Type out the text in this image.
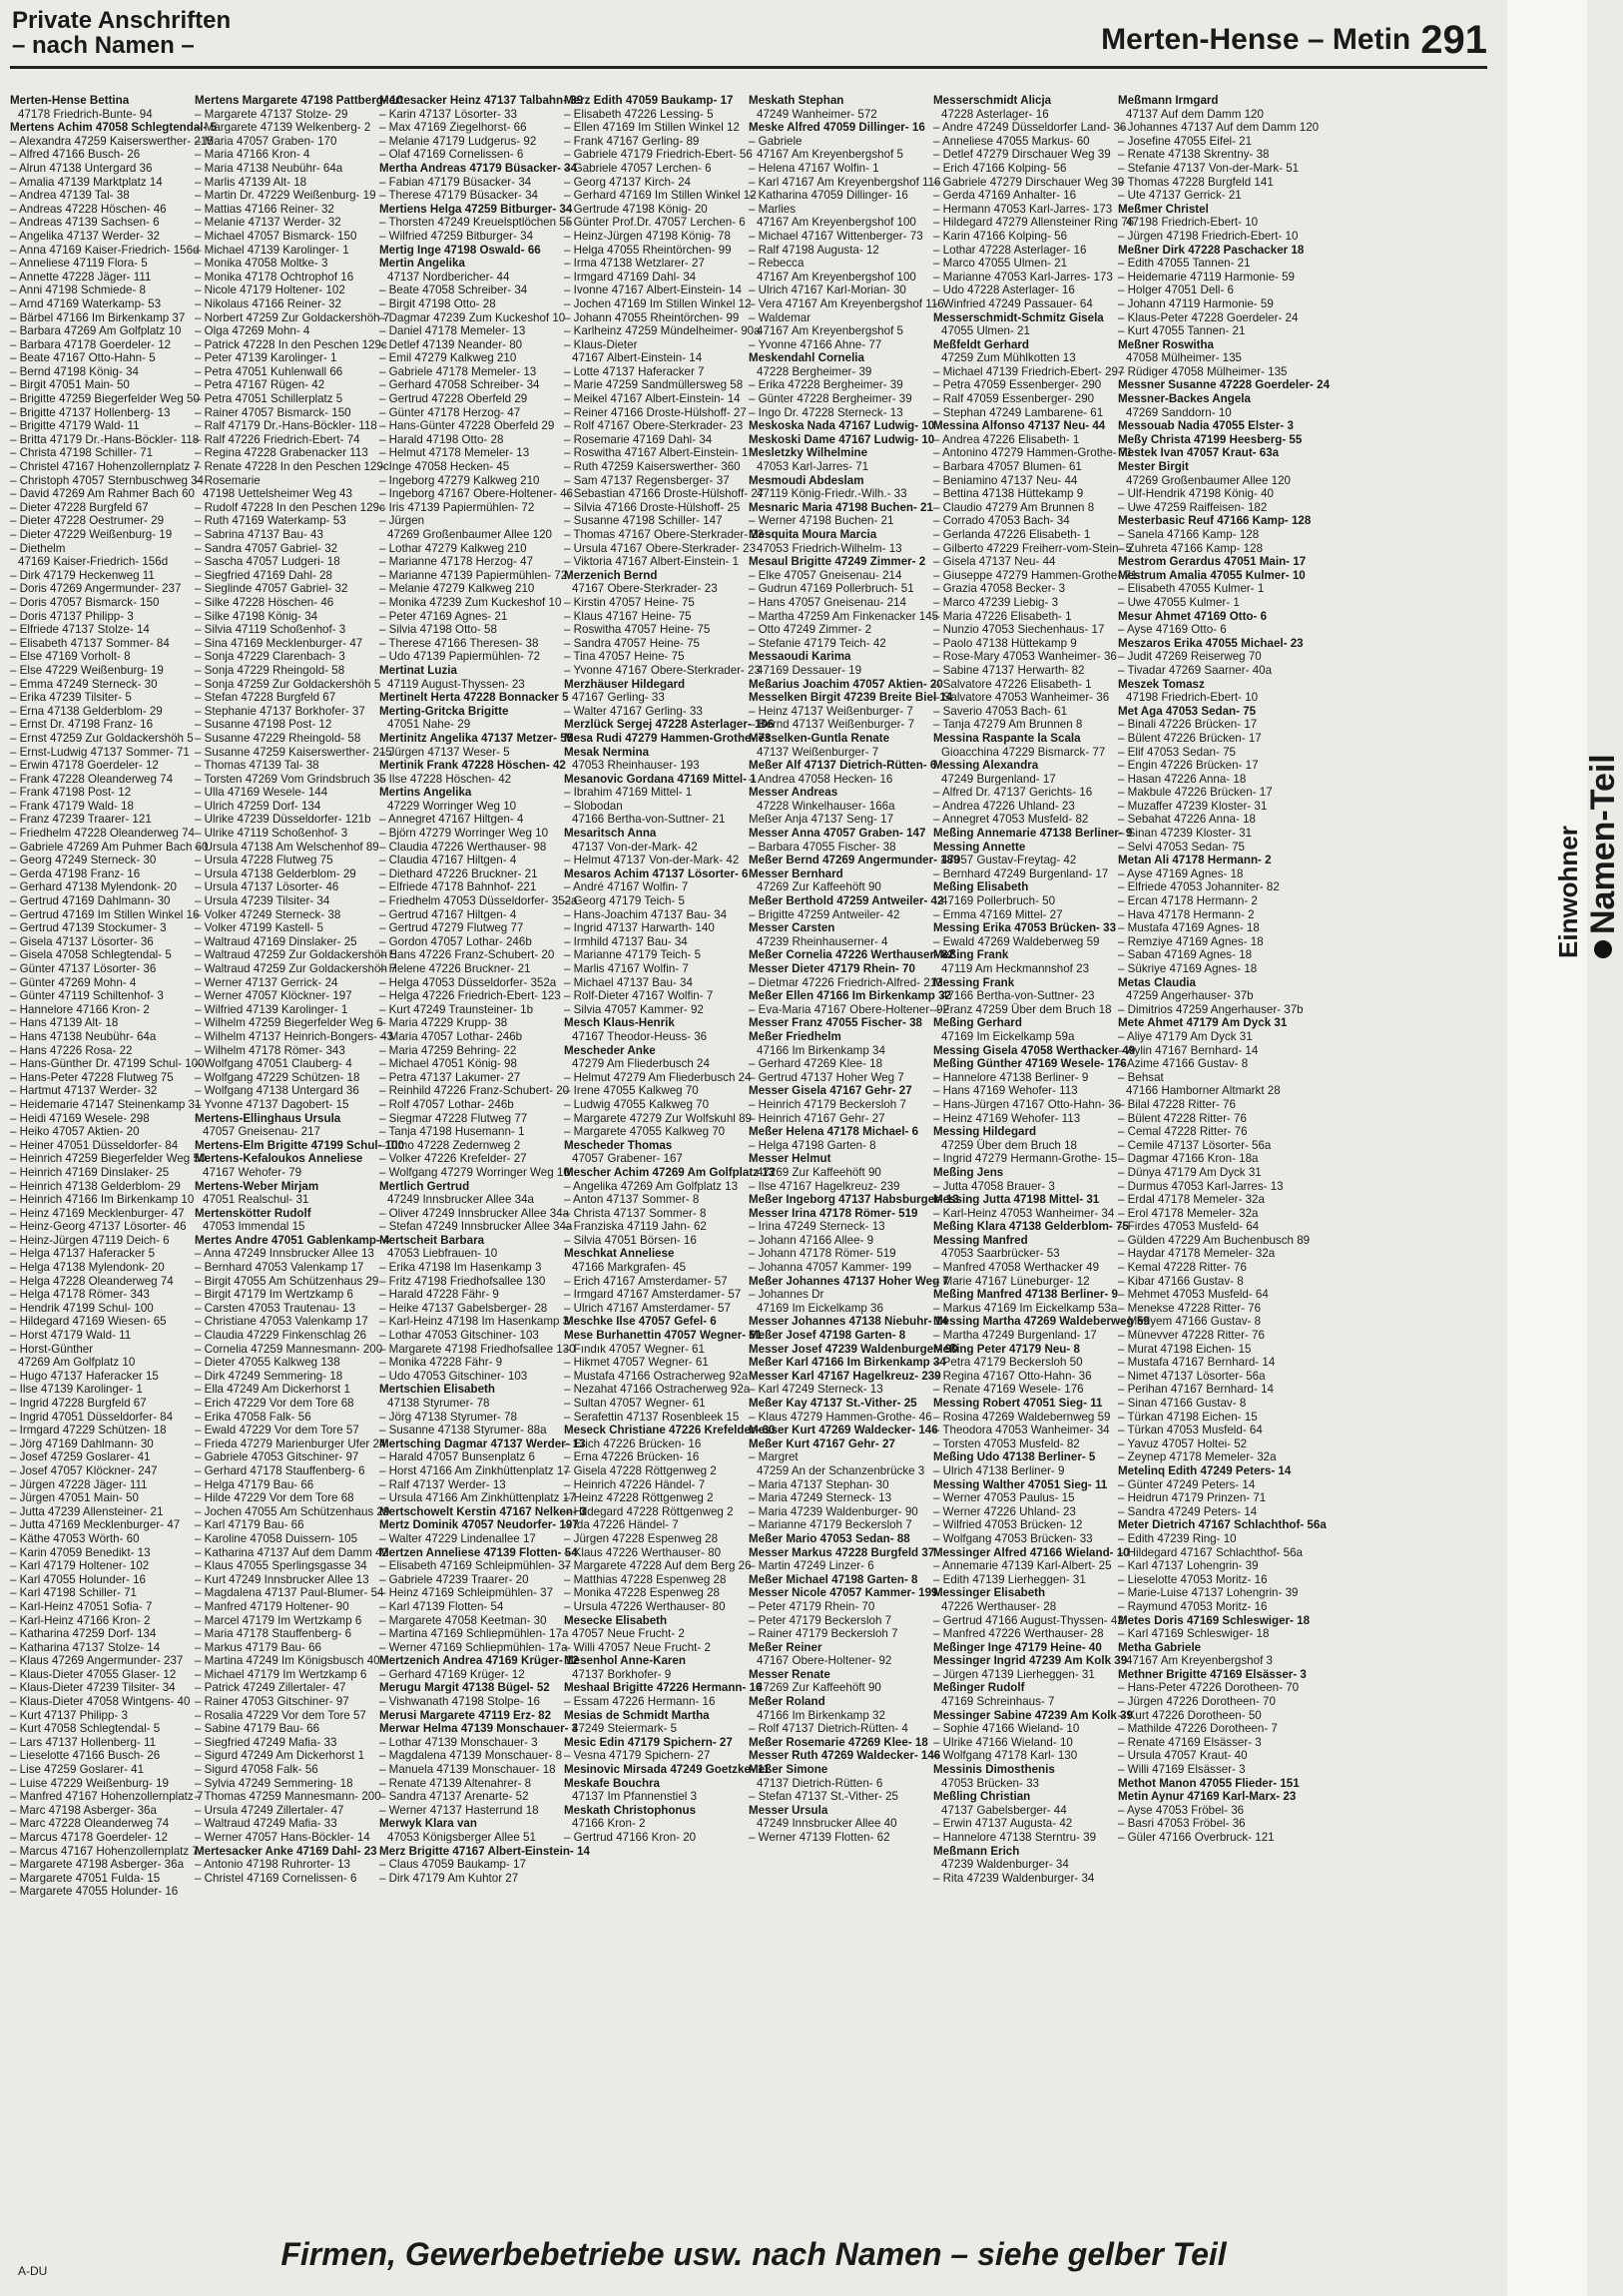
Private Anschriften
– nach Namen –	Merten-Hense – Metin 291
Merten-Hense Bettina
47178 Friedrich-Bunte- 94
Mertens Achim 47058 Schlegtendal- 5
– Alexandra 47259 Kaiserswerther- 215
– Alfred 47166 Busch- 26
– Alrun 47138 Untergard 36
– Amalia 47139 Marktplatz 14
– Andrea 47139 Tal- 38
– Andreas 47228 Höschen- 46
– Andreas 47139 Sachsen- 6
– Angelika 47137 Werder- 32
– Anna 47169 Kaiser-Friedrich- 156d
– Anneliese 47119 Flora- 5
– Annette 47228 Jäger- 111
– Anni 47198 Schmiede- 8
– Arnd 47169 Waterkamp- 53
– Bärbel 47166 Im Birkenkamp 37
– Barbara 47269 Am Golfplatz 10
– Barbara 47178 Goerdeler- 12
– Beate 47167 Otto-Hahn- 5
– Bernd 47198 König- 34
– Birgit 47051 Main- 50
– Brigitte 47259 Biegerfelder Weg 50
– Brigitte 47137 Hollenberg- 13
– Brigitte 47179 Wald- 11
– Britta 47179 Dr.-Hans-Böckler- 118
– Christa 47198 Schiller- 71
– Christel 47167 Hohenzollernplatz 7
– Christoph 47057 Sternbuschweg 34
– David 47269 Am Rahmer Bach 60
– Dieter 47228 Burgfeld 67
– Dieter 47228 Oestrumer- 29
– Dieter 47229 Weißenburg- 19
– Diethelm
47169 Kaiser-Friedrich- 156d
– Dirk 47179 Heckenweg 11
– Doris 47269 Angermunder- 237
– Doris 47057 Bismarck- 150
– Doris 47137 Philipp- 3
– Elfriede 47137 Stolze- 14
– Elisabeth 47137 Sommer- 84
– Else 47169 Vorholt- 8
– Else 47229 Weißenburg- 19
– Emma 47249 Sterneck- 30
– Erika 47239 Tilsiter- 5
– Erna 47138 Gelderblom- 29
– Ernst Dr. 47198 Franz- 16
– Ernst 47259 Zur Goldackershöh 5
– Ernst-Ludwig 47137 Sommer- 71
– Erwin 47178 Goerdeler- 12
– Frank 47228 Oleanderweg 74
– Frank 47198 Post- 12
– Frank 47179 Wald- 18
– Franz 47239 Traarer- 121
– Friedhelm 47228 Oleanderweg 74
– Gabriele 47269 Am Puhmer Bach 60
– Georg 47249 Sterneck- 30
– Gerda 47198 Franz- 16
– Gerhard 47138 Mylendonk- 20
– Gertrud 47169 Dahlmann- 30
– Gertrud 47169 Im Stillen Winkel 16
– Gertrud 47139 Stockumer- 3
– Gisela 47137 Lösorter- 36
– Gisela 47058 Schlegtendal- 5
– Günter 47137 Lösorter- 36
– Günter 47269 Mohn- 4
– Günter 47119 Schiltenhof- 3
– Hannelore 47166 Kron- 2
– Hans 47139 Alt- 18
– Hans 47138 Neubühr- 64a
– Hans 47226 Rosa- 22
– Hans-Günther Dr. 47199 Schul- 100
– Hans-Peter 47228 Flutweg 75
– Hartmut 47137 Werder- 32
– Heidemarie 47147 Steinenkamp 31
– Heidi 47169 Wesele- 298
– Heiko 47057 Aktien- 20
– Heiner 47051 Düsseldorfer- 84
– Heinrich 47259 Biegerfelder Weg 50
– Heinrich 47169 Dinslaker- 25
– Heinrich 47138 Gelderblom- 29
– Heinrich 47166 Im Birkenkamp 10
– Heinz 47169 Mecklenburger- 47
– Heinz-Georg 47137 Lösorter- 46
– Heinz-Jürgen 47119 Deich- 6
– Helga 47137 Haferacker 5
– Helga 47138 Mylendonk- 20
– Helga 47228 Oleanderweg 74
– Helga 47178 Römer- 343
– Hendrik 47199 Schul- 100
– Hildegard 47169 Wiesen- 65
– Horst 47179 Wald- 11
– Horst-Günther
47269 Am Golfplatz 10
– Hugo 47137 Haferacker 15
– Ilse 47139 Karolinger- 1
– Ingrid 47228 Burgfeld 67
– Ingrid 47051 Düsseldorfer- 84
– Irmgard 47229 Schützen- 18
– Jörg 47169 Dahlmann- 30
– Josef 47259 Goslarer- 41
– Josef 47057 Klöckner- 247
– Jürgen 47228 Jäger- 111
– Jürgen 47051 Main- 50
– Jutta 47239 Allensteiner- 21
– Jutta 47169 Mecklenburger- 47
– Käthe 47053 Wörth- 60
– Karin 47059 Benedikt- 13
– Karl 47179 Holtener- 102
– Karl 47055 Holunder- 16
– Karl 47198 Schiller- 71
– Karl-Heinz 47051 Sofia- 7
– Karl-Heinz 47166 Kron- 2
– Katharina 47259 Dorf- 134
– Katharina 47137 Stolze- 14
– Klaus 47269 Angermunder- 237
– Klaus-Dieter 47055 Glaser- 12
– Klaus-Dieter 47239 Tilsiter- 34
– Klaus-Dieter 47058 Wintgens- 40
– Kurt 47137 Philipp- 3
– Kurt 47058 Schlegtendal- 5
– Lars 47137 Hollenberg- 11
– Lieselotte 47166 Busch- 26
– Lise 47259 Goslarer- 41
– Luise 47229 Weißenburg- 19
– Manfred 47167 Hohenzollernplatz 7
– Marc 47198 Asberger- 36a
– Marc 47228 Oleanderweg 74
– Marcus 47178 Goerdeler- 12
– Marcus 47167 Hohenzollernplatz 7
– Margarete 47198 Asberger- 36a
– Margarete 47051 Fulda- 15
– Margarete 47055 Holunder- 16
Mertens Margarete 47198 Pattberg- 10
– Margarete 47137 Stolze- 29
– Margarete 47139 Welkenberg- 2
– Maria 47057 Graben- 170
– Maria 47166 Kron- 4
– Maria 47138 Neubühr- 64a
– Marlis 47139 Alt- 18
– Martin Dr. 47229 Weißenburg- 19
– Mattias 47166 Reiner- 32
– Melanie 47137 Werder- 32
– Michael 47057 Bismarck- 150
– Michael 47139 Karolinger- 1
– Monika 47058 Moltke- 3
– Monika 47178 Ochtrophof 16
– Nicole 47179 Holtener- 102
– Nikolaus 47166 Reiner- 32
– Norbert 47259 Zur Goldackershöh 7
– Olga 47269 Mohn- 4
– Patrick 47228 In den Peschen 129c
– Peter 47139 Karolinger- 1
– Petra 47051 Kuhlenwall 66
– Petra 47167 Rügen- 42
– Petra 47051 Schillerplatz 5
– Rainer 47057 Bismarck- 150
– Ralf 47179 Dr.-Hans-Böckler- 118
– Ralf 47226 Friedrich-Ebert- 74
– Regina 47228 Grabenacker 113
– Renate 47228 In den Peschen 129c
– Rosemarie
47198 Uettelsheimer Weg 43
– Rudolf 47228 In den Peschen 129c
– Ruth 47169 Waterkamp- 53
– Sabrina 47137 Bau- 43
– Sandra 47057 Gabriel- 32
– Sascha 47057 Ludgeri- 18
– Siegfried 47169 Dahl- 28
– Sieglinde 47057 Gabriel- 32
– Silke 47228 Höschen- 46
– Silke 47198 König- 34
– Silvia 47119 Schoßenhof- 3
– Sina 47169 Mecklenburger- 47
– Sonja 47229 Clarenbach- 3
– Sonja 47229 Rheingold- 58
– Sonja 47259 Zur Goldackershöh 5
– Stefan 47228 Burgfeld 67
– Stephanie 47137 Borkhofer- 37
– Susanne 47198 Post- 12
– Susanne 47229 Rheingold- 58
– Susanne 47259 Kaiserswerther- 215
– Thomas 47139 Tal- 38
– Torsten 47269 Vom Grindsbruch 35
– Ulla 47169 Wesele- 144
– Ulrich 47259 Dorf- 134
– Ulrike 47239 Düsseldorfer- 121b
– Ulrike 47119 Schoßenhof- 3
– Ursula 47138 Am Welschenhof 89
– Ursula 47228 Flutweg 75
– Ursula 47138 Gelderblom- 29
– Ursula 47137 Lösorter- 46
– Ursula 47239 Tilsiter- 34
– Volker 47249 Sterneck- 38
– Volker 47199 Kastell- 5
– Waltraud 47169 Dinslaker- 25
– Waltraud 47259 Zur Goldackershöh 5
– Waltraud 47259 Zur Goldackershöh 7
– Werner 47137 Gerrick- 24
– Werner 47057 Klöckner- 197
– Wilfried 47139 Karolinger- 1
– Wilhelm 47259 Biegerfelder Weg 6
– Wilhelm 47137 Heinrich-Bongers- 43
– Wilhelm 47178 Römer- 343
– Wolfgang 47051 Clauberg- 4
– Wolfgang 47229 Schützen- 18
– Wolfgang 47138 Untergard 36
– Yvonne 47137 Dagobert- 15
Mertens-Ellinghaus Ursula
47057 Gneisenau- 217
Mertens-Elm Brigitte 47199 Schul- 100
Mertens-Kefaloukos Anneliese
47167 Wehofer- 79
Mertens-Weber Mirjam
47051 Realschul- 31
Mertenskötter Rudolf
47053 Immendal 15
Mertes Andre 47051 Gablenkamp- 4
– Anna 47249 Innsbrucker Allee 13
– Bernhard 47053 Valenkamp 17
– Birgit 47055 Am Schützenhaus 29
– Birgit 47179 Im Wertzkamp 6
– Carsten 47053 Trautenau- 13
– Christiane 47053 Valenkamp 17
– Claudia 47229 Finkenschlag 26
– Cornelia 47259 Mannesmann- 200
– Dieter 47055 Kalkweg 138
– Dirk 47249 Semmering- 18
– Ella 47249 Am Dickerhorst 1
– Erich 47229 Vor dem Tore 68
– Erika 47058 Falk- 56
– Ewald 47229 Vor dem Tore 57
– Frieda 47279 Marienburger Ufer 24
– Gabriele 47053 Gitschiner- 97
– Gerhard 47178 Stauffenberg- 6
– Helga 47179 Bau- 66
– Hilde 47229 Vor dem Tore 68
– Jochen 47055 Am Schützenhaus 29
– Karl 47179 Bau- 66
– Karoline 47058 Duissern- 105
– Katharina 47137 Auf dem Damm 42
– Klaus 47055 Sperlingsgasse 34
– Kurt 47249 Innsbrucker Allee 13
– Magdalena 47137 Paul-Blumer- 54
– Manfred 47179 Holtener- 90
– Marcel 47179 Im Wertzkamp 6
– Maria 47178 Stauffenberg- 6
– Markus 47179 Bau- 66
– Martina 47249 Im Königsbusch 40
– Michael 47179 Im Wertzkamp 6
– Patrick 47249 Zillertaler- 47
– Rainer 47053 Gitschiner- 97
– Rosalia 47229 Vor dem Tore 57
– Sabine 47179 Bau- 66
– Siegfried 47249 Mafia- 33
– Sigurd 47249 Am Dickerhorst 1
– Sigurd 47058 Falk- 56
– Sylvia 47249 Semmering- 18
– Thomas 47259 Mannesmann- 200
– Ursula 47249 Zillertaler- 47
– Waltraud 47249 Mafia- 33
– Werner 47057 Hans-Böckler- 14
Mertesacker Anke 47169 Dahl- 23
– Antonio 47198 Ruhrorter- 13
– Christel 47169 Cornelissen- 6
Mertesacker Heinz 47137 Talbahn- 39
– Karin 47137 Lösorter- 33
– Max 47169 Ziegelhorst- 66
– Melanie 47179 Ludgerus- 92
– Olaf 47169 Cornelissen- 6
Mertha Andreas 47179 Büsacker- 34
– Fabian 47179 Büsacker- 34
– Therese 47179 Büsacker- 34
Mertiens Helga 47259 Bitburger- 34
– Thorsten 47249 Kreuelsptlöchen 55
– Wilfried 47259 Bitburger- 34
Mertig Inge 47198 Oswald- 66
Mertin Angelika
47137 Nordbericher- 44
– Beate 47058 Schreiber- 34
– Birgit 47198 Otto- 28
– Dagmar 47239 Zum Kuckeshof 10
– Daniel 47178 Memeler- 13
– Detlef 47139 Neander- 80
– Emil 47279 Kalkweg 210
– Gabriele 47178 Memeler- 13
– Gerhard 47058 Schreiber- 34
– Gertrud 47228 Oberfeld 29
– Günter 47178 Herzog- 47
– Hans-Günter 47228 Oberfeld 29
– Harald 47198 Otto- 28
– Helmut 47178 Memeler- 13
– Inge 47058 Hecken- 45
– Ingeborg 47279 Kalkweg 210
– Ingeborg 47167 Obere-Holtener- 46
– Iris 47139 Papiermühlen- 72
– Jürgen
47269 Großenbaumer Allee 120
– Lothar 47279 Kalkweg 210
– Marianne 47178 Herzog- 47
– Marianne 47139 Papiermühlen- 72
– Melanie 47279 Kalkweg 210
– Monika 47239 Zum Kuckeshof 10
– Peter 47169 Agnes- 21
– Silvia 47198 Otto- 58
– Therese 47166 Theresen- 38
– Udo 47139 Papiermühlen- 72
Mertinat Luzia
47119 August-Thyssen- 23
Mertinelt Herta 47228 Bonnacker 5
Merting-Gritcka Brigitte
47051 Nahe- 29
Mertinitz Angelika 47137 Metzer- 55
– Jürgen 47137 Weser- 5
Mertinik Frank 47228 Höschen- 42
– Ilse 47228 Höschen- 42
Mertins Angelika
47229 Worringer Weg 10
– Annegret 47167 Hiltgen- 4
– Björn 47279 Worringer Weg 10
– Claudia 47226 Werthauser- 98
– Claudia 47167 Hiltgen- 4
– Diethard 47226 Bruckner- 21
– Elfriede 47178 Bahnhof- 221
– Friedhelm 47053 Düsseldorfer- 352a
– Gertrud 47167 Hiltgen- 4
– Gertrud 47279 Flutweg 77
– Gordon 47057 Lothar- 246b
– Hans 47226 Franz-Schubert- 20
– Helene 47226 Bruckner- 21
– Helga 47053 Düsseldorfer- 352a
– Helga 47226 Friedrich-Ebert- 123
– Kurt 47249 Traunsteiner- 1b
– Maria 47229 Krupp- 38
– Maria 47057 Lothar- 246b
– Maria 47259 Behring- 22
– Michael 47051 König- 98
– Petra 47137 Lakumer- 27
– Reinhild 47226 Franz-Schubert- 20
– Rolf 47057 Lothar- 246b
– Siegmar 47228 Flutweg 77
– Tanja 47198 Husemann- 1
– Timo 47228 Zedernweg 2
– Volker 47226 Krefelder- 27
– Wolfgang 47279 Worringer Weg 10
Mertlich Gertrud
47249 Innsbrucker Allee 34a
– Oliver 47249 Innsbrucker Allee 34a
– Stefan 47249 Innsbrucker Allee 34a
Mertscheit Barbara
47053 Liebfrauen- 10
– Erika 47198 Im Hasenkamp 3
– Fritz 47198 Friedhofsallee 130
– Harald 47228 Fähr- 9
– Heike 47137 Gabelsberger- 28
– Karl-Heinz 47198 Im Hasenkamp 3
– Lothar 47053 Gitschiner- 103
– Margarete 47198 Friedhofsallee 130
– Monika 47228 Fähr- 9
– Udo 47053 Gitschiner- 103
Mertschien Elisabeth
47138 Styrumer- 78
– Jörg 47138 Styrumer- 78
– Susanne 47138 Styrumer- 88a
Mertsching Dagmar 47137 Werder- 13
– Harald 47057 Bunsenplatz 6
– Horst 47166 Am Zinkhüttenplatz 17
– Ralf 47137 Werder- 13
– Ursula 47166 Am Zinkhüttenplatz 17
Mertschowelt Kerstin 47167 Nelken- 3
Mertz Dominik 47057 Neudorfer- 197
– Walter 47229 Lindenallee 17
Mertzen Anneliese 47139 Flotten- 54
– Elisabeth 47169 Schleipmühlen- 37
– Gabriele 47239 Traarer- 20
– Heinz 47169 Schleipmühlen- 37
– Karl 47139 Flotten- 54
– Margarete 47058 Keetman- 30
– Martina 47169 Schliepmühlen- 17a
– Werner 47169 Schliepmühlen- 17a
Mertzenich Andrea 47169 Krüger- 12
– Gerhard 47169 Krüger- 12
Merugu Margit 47138 Bügel- 52
– Vishwanath 47198 Stolpe- 16
Merusi Margarete 47119 Erz- 82
Merwar Helma 47139 Monschauer- 3
– Lothar 47139 Monschauer- 3
– Magdalena 47139 Monschauer- 8
– Manuela 47139 Monschauer- 18
– Renate 47139 Altenahrer- 8
– Sandra 47137 Arenarte- 52
– Werner 47137 Hasterrund 18
Merwyk Klara van
47053 Königsberger Allee 51
Merz Brigitte 47167 Albert-Einstein- 14
– Claus 47059 Baukamp- 17
– Dirk 47179 Am Kuhtor 27
Merz Edith 47059 Baukamp- 17
– Elisabeth 47226 Lessing- 5
– Ellen 47169 Im Stillen Winkel 12
– Frank 47167 Gerling- 89
– Gabriele 47179 Friedrich-Ebert- 56
– Gabriele 47057 Lerchen- 6
– Georg 47137 Kirch- 24
– Gerhard 47169 Im Stillen Winkel 12
– Gertrude 47198 König- 20
– Günter Prof.Dr. 47057 Lerchen- 6
– Heinz-Jürgen 47198 König- 78
– Helga 47055 Rheintörchen- 99
– Irma 47138 Wetzlarer- 27
– Irmgard 47169 Dahl- 34
– Ivonne 47167 Albert-Einstein- 14
– Jochen 47169 Im Stillen Winkel 12
– Johann 47055 Rheintörchen- 99
– Karlheinz 47259 Mündelheimer- 90a
– Klaus-Dieter
47167 Albert-Einstein- 14
– Lotte 47137 Haferacker 7
– Marie 47259 Sandmüllersweg 58
– Meikel 47167 Albert-Einstein- 14
– Reiner 47166 Droste-Hülshoff- 27
– Rolf 47167 Obere-Sterkrader- 23
– Rosemarie 47169 Dahl- 34
– Roswitha 47167 Albert-Einstein- 1
– Ruth 47259 Kaiserswerther- 360
– Sam 47137 Regensberger- 37
– Sebastian 47166 Droste-Hülshoff- 27
– Silvia 47166 Droste-Hülshoff- 25
– Susanne 47198 Schiller- 147
– Thomas 47167 Obere-Sterkrader- 23
– Ursula 47167 Obere-Sterkrader- 23
– Viktoria 47167 Albert-Einstein- 1
Merzenich Bernd
47167 Obere-Sterkrader- 23
– Kirstin 47057 Heine- 75
– Klaus 47167 Heine- 75
– Roswitha 47057 Heine- 75
– Sandra 47057 Heine- 75
– Tina 47057 Heine- 75
– Yvonne 47167 Obere-Sterkrader- 23
Merzhäuser Hildegard
47167 Gerling- 33
– Walter 47167 Gerling- 33
Merzlück Sergej 47228 Asterlager- 106
Mesa Rudi 47279 Hammen-Grothe- 73
Mesak Nermina
47053 Rheinhauser- 193
Mesanovic Gordana 47169 Mittel- 1
– Ibrahim 47169 Mittel- 1
– Slobodan
47166 Bertha-von-Suttner- 21
Mesaritsch Anna
47137 Von-der-Mark- 42
– Helmut 47137 Von-der-Mark- 42
Mesaros Achim 47137 Lösorter- 6
– André 47167 Wolfin- 7
– Georg 47179 Teich- 5
– Hans-Joachim 47137 Bau- 34
– Ingrid 47137 Harwarth- 140
– Irmhild 47137 Bau- 34
– Marianne 47179 Teich- 5
– Marlis 47167 Wolfin- 7
– Michael 47137 Bau- 34
– Rolf-Dieter 47167 Wolfin- 7
– Silvia 47057 Kammer- 92
Mesch Klaus-Henrik
47167 Theodor-Heuss- 36
Mescheder Anke
47279 Am Fliederbusch 24
– Helmut 47279 Am Fliederbusch 24
– Irene 47055 Kalkweg 70
– Ludwig 47055 Kalkweg 70
– Margarete 47279 Zur Wolfskuhl 89
– Margarete 47055 Kalkweg 70
Mescheder Thomas
47057 Grabener- 167
Mescher Achim 47269 Am Golfplatz 13
– Angelika 47269 Am Golfplatz 13
– Anton 47137 Sommer- 8
– Christa 47137 Sommer- 8
– Franziska 47119 Jahn- 62
– Silvia 47051 Börsen- 16
Meschkat Anneliese
47166 Markgrafen- 45
– Erich 47167 Amsterdamer- 57
– Irmgard 47167 Amsterdamer- 57
– Ulrich 47167 Amsterdamer- 57
Meschke Ilse 47057 Gefel- 6
Mese Burhanettin 47057 Wegner- 61
– Fındık 47057 Wegner- 61
– Hikmet 47057 Wegner- 61
– Mustafa 47166 Ostracherweg 92a
– Nezahat 47166 Ostracherweg 92a
– Sultan 47057 Wegner- 61
– Serafettin 47137 Rosenbleek 15
Meseck Christiane 47226 Krefelder- 60
– Erich 47226 Brücken- 16
– Erna 47226 Brücken- 16
– Gisela 47228 Röttgenweg 2
– Heinrich 47226 Händel- 7
– Heinz 47228 Röttgenweg 2
– Hildegard 47228 Röttgenweg 2
– Ida 47226 Händel- 7
– Jürgen 47228 Espenweg 28
– Klaus 47226 Werthauser- 80
– Margarete 47228 Auf dem Berg 26
– Matthias 47228 Espenweg 28
– Monika 47228 Espenweg 28
– Ursula 47226 Werthauser- 80
Mesecke Elisabeth
47057 Neue Frucht- 2
– Willi 47057 Neue Frucht- 2
Mesenhol Anne-Karen
47137 Borkhofer- 9
Meshaal Brigitte 47226 Hermann- 16
– Essam 47226 Hermann- 16
Mesias de Schmidt Martha
47249 Steiermark- 5
Mesic Edin 47179 Spichern- 27
– Vesna 47179 Spichern- 27
Mesinovic Mirsada 47249 Goetzke- 11
Meskafe Bouchra
47137 Im Pfannenstiel 3
Meskath Christophonus
47166 Kron- 2
– Gertrud 47166 Kron- 20
Meskath Stephan
47249 Wanheimer- 572
Meske Alfred 47059 Dillinger- 16
– Gabriele
47167 Am Kreyenbergshof 5
– Helena 47167 Wolfin- 1
– Karl 47167 Am Kreyenbergshof 116
– Katharina 47059 Dillinger- 16
– Marlies
47167 Am Kreyenbergshof 100
– Michael 47167 Wittenberger- 73
– Ralf 47198 Augusta- 12
– Rebecca
47167 Am Kreyenbergshof 100
– Ulrich 47167 Karl-Morian- 30
– Vera 47167 Am Kreyenbergshof 116
– Waldemar
47167 Am Kreyenbergshof 5
– Yvonne 47166 Ahne- 77
Meskendahl Cornelia
47228 Bergheimer- 39
– Erika 47228 Bergheimer- 39
– Günter 47228 Bergheimer- 39
– Ingo Dr. 47228 Sterneck- 13
Meskoska Nada 47167 Ludwig- 10
Meskoski Dame 47167 Ludwig- 10
Mesletzky Wilhelmine
47053 Karl-Jarres- 71
Mesmoudi Abdeslam
47119 König-Friedr.-Wilh.- 33
Mesnaric Maria 47198 Buchen- 21
– Werner 47198 Buchen- 21
Mesquita Moura Marcia
47053 Friedrich-Wilhelm- 13
Mesaul Brigitte 47249 Zimmer- 2
– Elke 47057 Gneisenau- 214
– Gudrun 47169 Pollerbruch- 51
– Hans 47057 Gneisenau- 214
– Martha 47259 Am Finkenacker 145
– Otto 47249 Zimmer- 2
– Stefanie 47179 Teich- 42
Messaoudi Karima
47169 Dessauer- 19
Meßarius Joachim 47057 Aktien- 20
Messelken Birgit 47239 Breite Biel 14
– Heinz 47137 Weißenburger- 7
– Bernd 47137 Weißenburger- 7
Messelken-Guntla Renate
47137 Weißenburger- 7
Meßer Alf 47137 Dietrich-Rütten- 6
– Andrea 47058 Hecken- 16
Messer Andreas
47228 Winkelhauser- 166a
Meßer Anja 47137 Seng- 17
Messer Anna 47057 Graben- 147
– Barbara 47055 Fischer- 38
Meßer Bernd 47269 Angermunder- 189
Messer Bernhard
47269 Zur Kaffeehöft 90
Meßer Berthold 47259 Antweiler- 42
– Brigitte 47259 Antweiler- 42
Messer Carsten
47239 Rheinhauserner- 4
Meßer Cornelia 47226 Werthauser- 82
Messer Dieter 47179 Rhein- 70
– Dietmar 47226 Friedrich-Alfred- 213
Meßer Ellen 47166 Im Birkenkamp 32
– Eva-Maria 47167 Obere-Holtener- 92
Messer Franz 47055 Fischer- 38
Meßer Friedhelm
47166 Im Birkenkamp 34
– Gerhard 47269 Klee- 18
– Gertrud 47137 Hoher Weg 7
Messer Gisela 47167 Gehr- 27
– Heinrich 47179 Beckersloh 7
– Heinrich 47167 Gehr- 27
Meßer Helena 47178 Michael- 6
– Helga 47198 Garten- 8
Messer Helmut
47269 Zur Kaffeehöft 90
– Ilse 47167 Hagelkreuz- 239
Meßer Ingeborg 47137 Habsburger- 13
Messer Irina 47178 Römer- 519
– Irina 47249 Sterneck- 13
– Johann 47166 Allee- 9
– Johann 47178 Römer- 519
– Johanna 47057 Kammer- 199
Meßer Johannes 47137 Hoher Weg 7
– Johannes Dr
47169 Im Eickelkamp 36
Messer Johannes 47138 Niebuhr- 14
Meßer Josef 47198 Garten- 8
Messer Josef 47239 Waldenburger- 90
Meßer Karl 47166 Im Birkenkamp 34
Messer Karl 47167 Hagelkreuz- 239
– Karl 47249 Sterneck- 13
Meßer Kay 47137 St.-Vither- 25
– Klaus 47279 Hammen-Grothe- 46
Messer Kurt 47269 Waldecker- 146
Meßer Kurt 47167 Gehr- 27
– Margret
47259 An der Schanzenbrücke 3
– Maria 47137 Stephan- 30
– Maria 47249 Sterneck- 13
– Maria 47239 Waldenburger- 90
– Marianne 47179 Beckersloh 7
Meßer Mario 47053 Sedan- 88
Messer Markus 47228 Burgfeld 37
– Martin 47249 Linzer- 6
Meßer Michael 47198 Garten- 8
Messer Nicole 47057 Kammer- 199
– Peter 47179 Rhein- 70
– Peter 47179 Beckersloh 7
– Rainer 47179 Beckersloh 7
Meßer Reiner
47167 Obere-Holtener- 92
Messer Renate
47269 Zur Kaffeehöft 90
Meßer Roland
47166 Im Birkenkamp 32
– Rolf 47137 Dietrich-Rütten- 4
Meßer Rosemarie 47269 Klee- 18
Messer Ruth 47269 Waldecker- 146
Meßer Simone
47137 Dietrich-Rütten- 6
– Stefan 47137 St.-Vither- 25
Messer Ursula
47249 Innsbrucker Allee 40
– Werner 47139 Flotten- 62
Messerschmidt Alicja
47228 Asterlager- 16
– Andre 47249 Düsseldorfer Land- 36
– Anneliese 47055 Markus- 60
– Detlef 47279 Dirschauer Weg 39
– Erich 47166 Kolping- 56
– Gabriele 47279 Dirschauer Weg 39
– Gerda 47169 Anhalter- 16
– Hermann 47053 Karl-Jarres- 173
– Hildegard 47279 Allensteiner Ring 76
– Karin 47166 Kolping- 56
– Lothar 47228 Asterlager- 16
– Marco 47055 Ulmen- 21
– Marianne 47053 Karl-Jarres- 173
– Udo 47228 Asterlager- 16
– Winfried 47249 Passauer- 64
Messerschmidt-Schmitz Gisela
47055 Ulmen- 21
Meßfeldt Gerhard
47259 Zum Mühlkotten 13
– Michael 47139 Friedrich-Ebert- 297
– Petra 47059 Essenberger- 290
– Ralf 47059 Essenberger- 290
– Stephan 47249 Lambarene- 61
Messina Alfonso 47137 Neu- 44
– Andrea 47226 Elisabeth- 1
– Antonino 47279 Hammen-Grothe- 71
– Barbara 47057 Blumen- 61
– Beniamino 47137 Neu- 44
– Bettina 47138 Hüttekamp 9
– Claudio 47279 Am Brunnen 8
– Corrado 47053 Bach- 34
– Gerlanda 47226 Elisabeth- 1
– Gilberto 47229 Freiherr-vom-Stein- 5
– Gisela 47137 Neu- 44
– Giuseppe 47279 Hammen-Grothe- 71
– Grazia 47058 Becker- 3
– Marco 47239 Liebig- 3
– Maria 47226 Elisabeth- 1
– Nunzio 47053 Siechenhaus- 17
– Paolo 47138 Hüttekamp 9
– Rose-Mary 47053 Wanheimer- 36
– Sabine 47137 Herwarth- 82
– Salvatore 47226 Elisabeth- 1
– Salvatore 47053 Wanheimer- 36
– Saverio 47053 Bach- 61
– Tanja 47279 Am Brunnen 8
Messina Raspante la Scala
Gioacchina 47229 Bismarck- 77
Messing Alexandra
47249 Burgenland- 17
– Alfred Dr. 47137 Gerichts- 16
– Andrea 47226 Uhland- 23
– Annegret 47053 Musfeld- 82
Meßing Annemarie 47138 Berliner- 9
Messing Annette
47057 Gustav-Freytag- 42
– Bernhard 47249 Burgenland- 17
Meßing Elisabeth
47169 Pollerbruch- 50
– Emma 47169 Mittel- 27
Messing Erika 47053 Brücken- 33
– Ewald 47269 Waldeberweg 59
Meßing Frank
47119 Am Heckmannshof 23
Messing Frank
47166 Bertha-von-Suttner- 23
– Franz 47259 Über dem Bruch 18
Meßing Gerhard
47169 Im Eickelkamp 59a
Messing Gisela 47058 Werthacker 49
Meßing Günther 47169 Wesele- 176
– Hannelore 47138 Berliner- 9
– Hans 47169 Wehofer- 113
– Hans-Jürgen 47167 Otto-Hahn- 36
– Heinz 47169 Wehofer- 113
Messing Hildegard
47259 Über dem Bruch 18
– Ingrid 47279 Hermann-Grothe- 15
Meßing Jens
– Jutta 47058 Brauer- 3
Messing Jutta 47198 Mittel- 31
– Karl-Heinz 47053 Wanheimer- 34
Meßing Klara 47138 Gelderblom- 75
Messing Manfred
47053 Saarbrücker- 53
– Manfred 47058 Werthacker 49
– Marie 47167 Lüneburger- 12
Meßing Manfred 47138 Berliner- 9
– Markus 47169 Im Eickelkamp 53a
Messing Martha 47269 Waldeberweg 59
– Martha 47249 Burgenland- 17
Meßing Peter 47179 Neu- 8
– Petra 47179 Beckersloh 50
– Regina 47167 Otto-Hahn- 36
– Renate 47169 Wesele- 176
Messing Robert 47051 Sieg- 11
– Rosina 47269 Waldebernweg 59
– Theodora 47053 Wanheimer- 34
– Torsten 47053 Musfeld- 82
Meßing Udo 47138 Berliner- 5
– Ulrich 47138 Berliner- 9
Messing Walther 47051 Sieg- 11
– Werner 47053 Paulus- 15
– Werner 47226 Uhland- 23
– Wilfried 47053 Brücken- 12
– Wolfgang 47053 Brücken- 33
Messinger Alfred 47166 Wieland- 10
– Annemarie 47139 Karl-Albert- 25
– Edith 47139 Lierheggen- 31
Messinger Elisabeth
47226 Werthauser- 28
– Gertrud 47166 August-Thyssen- 42
– Manfred 47226 Werthauser- 28
Meßinger Inge 47179 Heine- 40
Messinger Ingrid 47239 Am Kolk 39
– Jürgen 47139 Lierheggen- 31
Meßinger Rudolf
47169 Schreinhaus- 7
Messinger Sabine 47239 Am Kolk 39
– Sophie 47166 Wieland- 10
– Ulrike 47166 Wieland- 10
– Wolfgang 47178 Karl- 130
Messinis Dimosthenis
47053 Brücken- 33
Meßling Christian
47137 Gabelsberger- 44
– Erwin 47137 Augusta- 42
– Hannelore 47138 Sterntru- 39
Meßmann Erich
47239 Waldenburger- 34
– Rita 47239 Waldenburger- 34
Meßmann Irmgard
47137 Auf dem Damm 120
– Johannes 47137 Auf dem Damm 120
– Josefine 47055 Eifel- 21
– Renate 47138 Skrentny- 38
– Stefanie 47137 Von-der-Mark- 51
– Thomas 47228 Burgfeld 141
– Ute 47137 Gerrick- 21
Meßmer Christel
47198 Friedrich-Ebert- 10
– Jürgen 47198 Friedrich-Ebert- 10
Meßner Dirk 47228 Paschacker 18
– Edith 47055 Tannen- 21
– Heidemarie 47119 Harmonie- 59
– Holger 47051 Dell- 6
– Johann 47119 Harmonie- 59
– Klaus-Peter 47228 Goerdeler- 24
– Kurt 47055 Tannen- 21
Meßner Roswitha
47058 Mülheimer- 135
– Rüdiger 47058 Mülheimer- 135
Messner Susanne 47228 Goerdeler- 24
Messner-Backes Angela
47269 Sanddorn- 10
Messouab Nadia 47055 Elster- 3
Meßy Christa 47199 Heesberg- 55
Mestek Ivan 47057 Kraut- 63a
Mester Birgit
47269 Großenbaumer Allee 120
– Ulf-Hendrik 47198 König- 40
– Uwe 47259 Raiffeisen- 182
Mesterbasic Reuf 47166 Kamp- 128
– Sanela 47166 Kamp- 128
– Zuhreta 47166 Kamp- 128
Mestrom Gerardus 47051 Main- 17
Mestrum Amalia 47055 Kulmer- 10
– Elisabeth 47055 Kulmer- 1
– Uwe 47055 Kulmer- 1
Mesur Ahmet 47169 Otto- 6
– Ayse 47169 Otto- 6
Meszaros Erika 47055 Michael- 23
– Judit 47269 Reiserweg 70
– Tivadar 47269 Saarner- 40a
Meszek Tomasz
47198 Friedrich-Ebert- 10
Met Aga 47053 Sedan- 75
– Binali 47226 Brücken- 17
– Bülent 47226 Brücken- 17
– Elif 47053 Sedan- 75
– Engin 47226 Brücken- 17
– Hasan 47226 Anna- 18
– Makbule 47226 Brücken- 17
– Muzaffer 47239 Kloster- 31
– Sebahat 47226 Anna- 18
– Sinan 47239 Kloster- 31
– Selvi 47053 Sedan- 75
Metan Ali 47178 Hermann- 2
– Ayse 47169 Agnes- 18
– Elfriede 47053 Johanniter- 82
– Ercan 47178 Hermann- 2
– Hava 47178 Hermann- 2
– Mustafa 47169 Agnes- 18
– Remziye 47169 Agnes- 18
– Saban 47169 Agnes- 18
– Sükriye 47169 Agnes- 18
Metas Claudia
47259 Angerhauser- 37b
– Dimitrios 47259 Angerhauser- 37b
Mete Ahmet 47179 Am Dyck 31
– Aliye 47179 Am Dyck 31
– Aylin 47167 Bernhard- 14
– Azime 47166 Gustav- 8
– Behsat
47166 Hamborner Altmarkt 28
– Bilal 47228 Ritter- 76
– Bülent 47228 Ritter- 76
– Cemal 47228 Ritter- 76
– Cemile 47137 Lösorter- 56a
– Dagmar 47166 Kron- 18a
– Dünya 47179 Am Dyck 31
– Durmus 47053 Karl-Jarres- 13
– Erdal 47178 Memeler- 32a
– Erol 47178 Memeler- 32a
– Firdes 47053 Musfeld- 64
– Gülden 47229 Am Buchenbusch 89
– Haydar 47178 Memeler- 32a
– Kemal 47228 Ritter- 76
– Kibar 47166 Gustav- 8
– Mehmet 47053 Musfeld- 64
– Menekse 47228 Ritter- 76
– Meriyem 47166 Gustav- 8
– Münevver 47228 Ritter- 76
– Murat 47198 Eichen- 15
– Mustafa 47167 Bernhard- 14
– Nimet 47137 Lösorter- 56a
– Perihan 47167 Bernhard- 14
– Sinan 47166 Gustav- 8
– Türkan 47198 Eichen- 15
– Türkan 47053 Musfeld- 64
– Yavuz 47057 Holtei- 52
– Zeynep 47178 Memeler- 32a
Metelinq Edith 47249 Peters- 14
– Günter 47249 Peters- 14
– Heidrun 47179 Prinzen- 71
– Sandra 47249 Peters- 14
Meter Dietrich 47167 Schlachthof- 56a
– Edith 47239 Ring- 10
– Hildegard 47167 Schlachthof- 56a
– Karl 47137 Lohengrin- 39
– Lieselotte 47053 Moritz- 16
– Marie-Luise 47137 Lohengrin- 39
– Raymund 47053 Moritz- 16
Metes Doris 47169 Schleswiger- 18
– Karl 47169 Schleswiger- 18
Metha Gabriele
47167 Am Kreyenbergshof 3
Methner Brigitte 47169 Elsässer- 3
– Hans-Peter 47226 Dorotheen- 70
– Jürgen 47226 Dorotheen- 70
– Kurt 47226 Dorotheen- 50
– Mathilde 47226 Dorotheen- 7
– Renate 47169 Elsässer- 3
– Ursula 47057 Kraut- 40
– Willi 47169 Elsässer- 3
Methot Manon 47055 Flieder- 151
Metin Aynur 47169 Karl-Marx- 23
– Ayse 47053 Fröbel- 36
– Basri 47053 Fröbel- 36
– Güler 47166 Overbruck- 121
Einwohner Namen-Teil
Firmen, Gewerbebetriebe usw. nach Namen – siehe gelber Teil
A-DU
